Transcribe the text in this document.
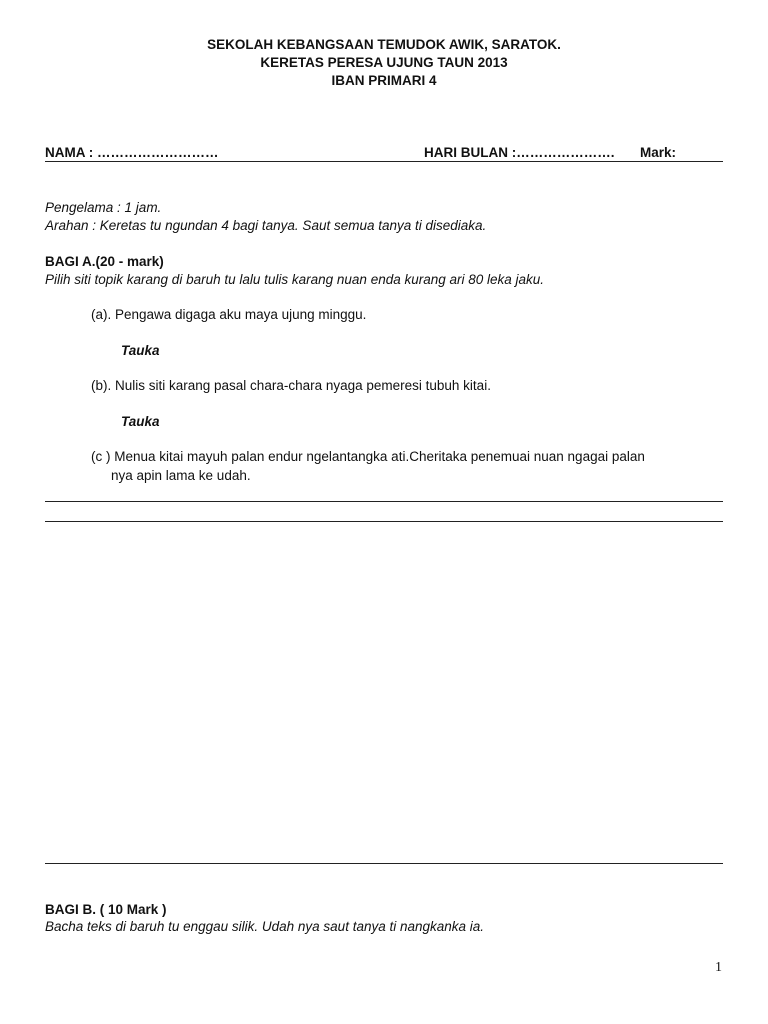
SEKOLAH KEBANGSAAN TEMUDOK AWIK, SARATOK.
KERETAS PERESA UJUNG TAUN 2013
IBAN PRIMARI 4
NAMA : ………………………	HARI BULAN :…………………. Mark:
Pengelama : 1 jam.
Arahan : Keretas tu ngundan 4 bagi tanya. Saut semua tanya ti disediaka.
BAGI A.(20 - mark)
Pilih siti topik karang di baruh tu lalu tulis karang nuan enda kurang ari 80 leka jaku.
(a). Pengawa digaga aku maya ujung minggu.
Tauka
(b). Nulis siti karang pasal chara-chara nyaga pemeresi tubuh kitai.
Tauka
(c ) Menua kitai mayuh palan endur ngelantangka ati.Cheritaka penemuai nuan ngagai palan
nya apin lama ke udah.
BAGI B. ( 10 Mark )
Bacha teks di baruh tu enggau silik. Udah nya saut tanya ti nangkanka ia.
1
